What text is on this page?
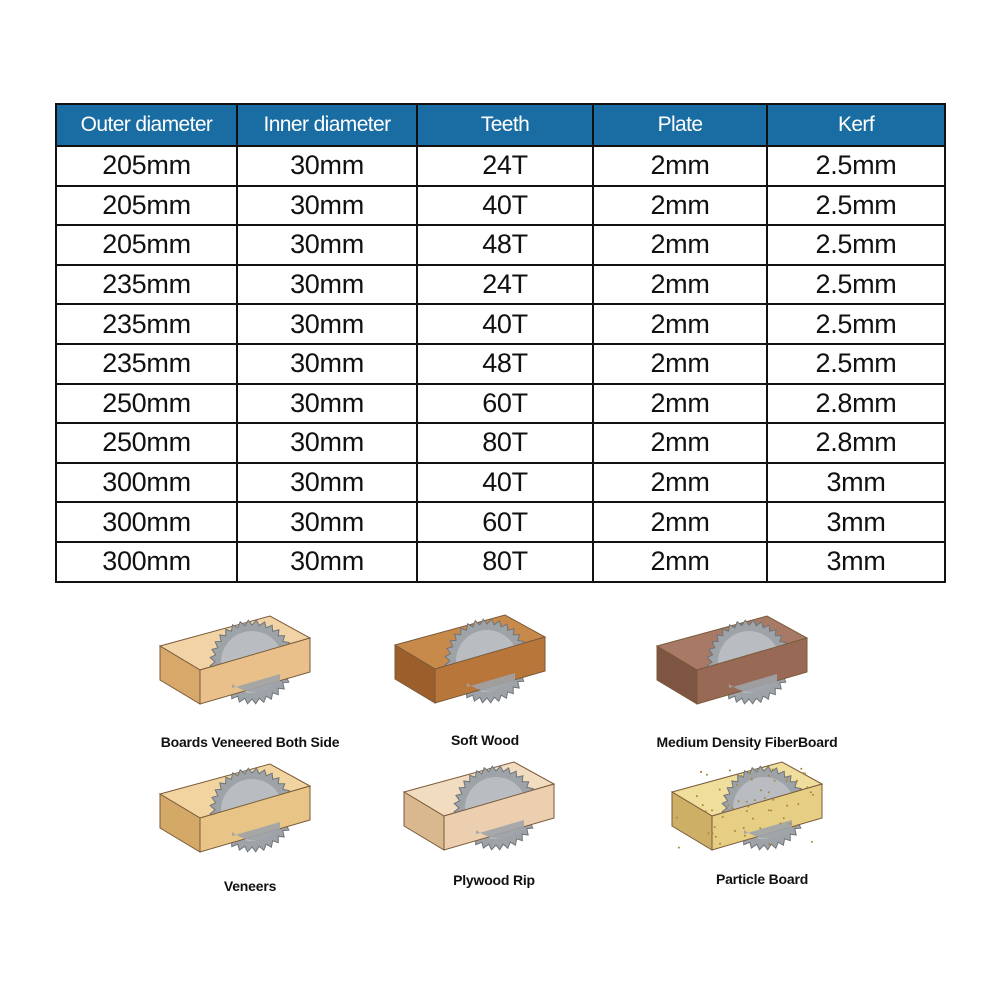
Outer diameter	Inner diameter	Teeth	Plate	Kerf
205mm	30mm	24T	2mm	2.5mm
205mm	30mm	40T	2mm	2.5mm
205mm	30mm	48T	2mm	2.5mm
235mm	30mm	24T	2mm	2.5mm
235mm	30mm	40T	2mm	2.5mm
235mm	30mm	48T	2mm	2.5mm
250mm	30mm	60T	2mm	2.8mm
250mm	30mm	80T	2mm	2.8mm
300mm	30mm	40T	2mm	3mm
300mm	30mm	60T	2mm	3mm
300mm	30mm	80T	2mm	3mm
Boards Veneered Both Side	Soft Wood	Medium Density FiberBoard
Veneers	Plywood Rip	Particle Board
